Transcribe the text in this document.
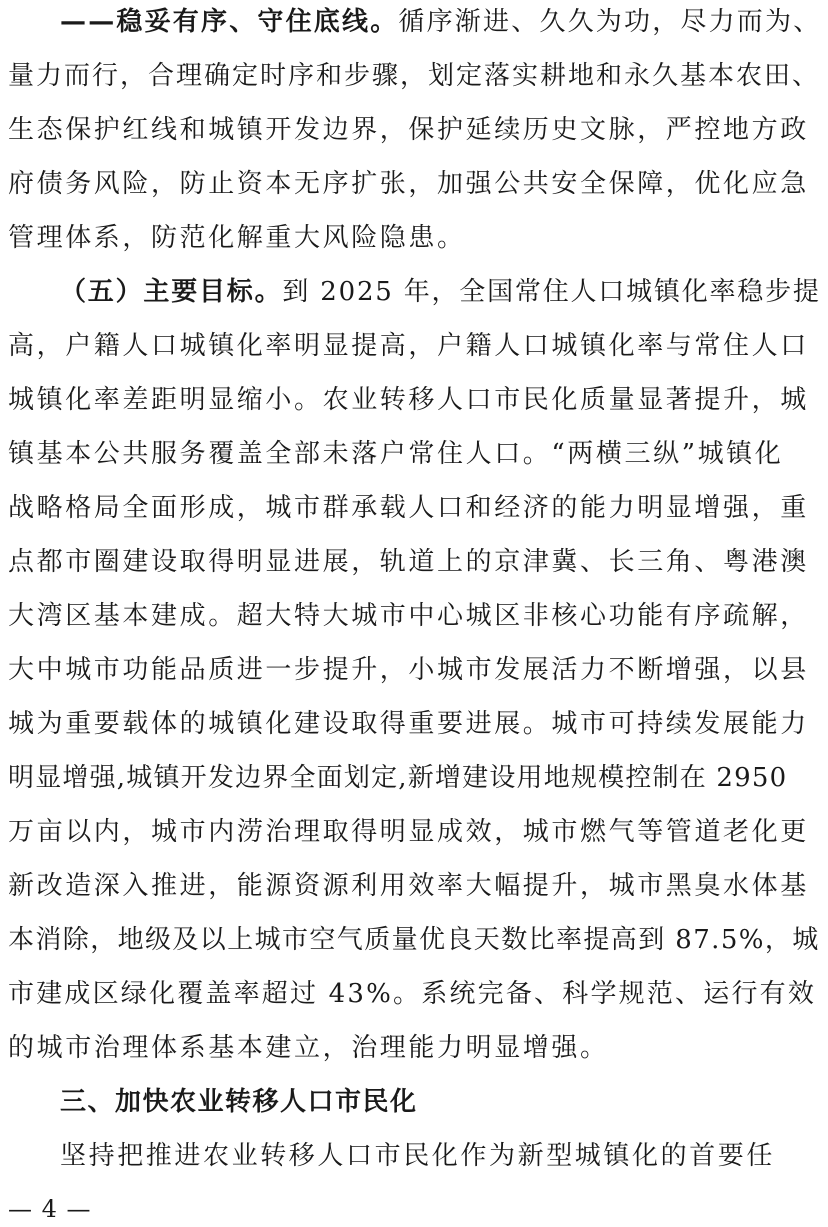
——稳妥有序、守住底线。循序渐进、久久为功，尽力而为、
量力而行，合理确定时序和步骤，划定落实耕地和永久基本农田、
生态保护红线和城镇开发边界，保护延续历史文脉，严控地方政
府债务风险，防止资本无序扩张，加强公共安全保障，优化应急
管理体系，防范化解重大风险隐患。
（五）主要目标。到 2025 年，全国常住人口城镇化率稳步提
高，户籍人口城镇化率明显提高，户籍人口城镇化率与常住人口
城镇化率差距明显缩小。农业转移人口市民化质量显著提升，城
镇基本公共服务覆盖全部未落户常住人口。“两横三纵”城镇化
战略格局全面形成，城市群承载人口和经济的能力明显增强，重
点都市圈建设取得明显进展，轨道上的京津冀、长三角、粤港澳
大湾区基本建成。超大特大城市中心城区非核心功能有序疏解，
大中城市功能品质进一步提升，小城市发展活力不断增强，以县
城为重要载体的城镇化建设取得重要进展。城市可持续发展能力
明显增强,城镇开发边界全面划定,新增建设用地规模控制在 2950
万亩以内，城市内涝治理取得明显成效，城市燃气等管道老化更
新改造深入推进，能源资源利用效率大幅提升，城市黑臭水体基
本消除，地级及以上城市空气质量优良天数比率提高到 87.5%，城
市建成区绿化覆盖率超过 43%。系统完备、科学规范、运行有效
的城市治理体系基本建立，治理能力明显增强。
三、加快农业转移人口市民化
坚持把推进农业转移人口市民化作为新型城镇化的首要任
— 4 —
